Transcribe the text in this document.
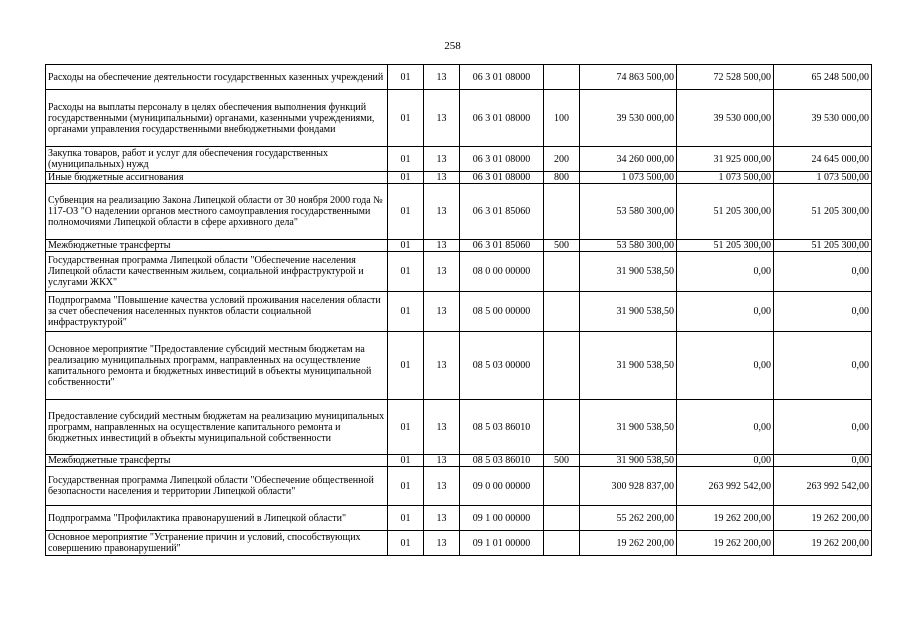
258
Расходы на обеспечение деятельности государственных казенных учреждений	01	13	06 3 01 08000		74 863 500,00	72 528 500,00	65 248 500,00
Расходы на выплаты персоналу в целях обеспечения выполнения функций государственными (муниципальными) органами, казенными учреждениями, органами управления государственными внебюджетными фондами	01	13	06 3 01 08000	100	39 530 000,00	39 530 000,00	39 530 000,00
Закупка товаров, работ и услуг для обеспечения государственных (муниципальных) нужд	01	13	06 3 01 08000	200	34 260 000,00	31 925 000,00	24 645 000,00
Иные бюджетные ассигнования	01	13	06 3 01 08000	800	1 073 500,00	1 073 500,00	1 073 500,00
Субвенция на реализацию Закона Липецкой области от 30 ноября 2000 года № 117-ОЗ "О наделении органов местного самоуправления государственными полномочиями Липецкой области в сфере архивного дела"	01	13	06 3 01 85060		53 580 300,00	51 205 300,00	51 205 300,00
Межбюджетные трансферты	01	13	06 3 01 85060	500	53 580 300,00	51 205 300,00	51 205 300,00
Государственная программа Липецкой области "Обеспечение населения Липецкой области качественным жильем, социальной инфраструктурой и услугами ЖКХ"	01	13	08 0 00 00000		31 900 538,50	0,00	0,00
Подпрограмма "Повышение качества условий проживания населения области за счет обеспечения населенных пунктов области социальной инфраструктурой"	01	13	08 5 00 00000		31 900 538,50	0,00	0,00
Основное мероприятие "Предоставление субсидий местным бюджетам на реализацию муниципальных программ, направленных на осуществление капитального ремонта и бюджетных инвестиций в объекты муниципальной собственности"	01	13	08 5 03 00000		31 900 538,50	0,00	0,00
Предоставление субсидий местным бюджетам на реализацию муниципальных программ, направленных на осуществление капитального ремонта и бюджетных инвестиций в объекты муниципальной собственности	01	13	08 5 03 86010		31 900 538,50	0,00	0,00
Межбюджетные трансферты	01	13	08 5 03 86010	500	31 900 538,50	0,00	0,00
Государственная программа Липецкой области "Обеспечение общественной безопасности населения и территории Липецкой области"	01	13	09 0 00 00000		300 928 837,00	263 992 542,00	263 992 542,00
Подпрограмма "Профилактика правонарушений в Липецкой области"	01	13	09 1 00 00000		55 262 200,00	19 262 200,00	19 262 200,00
Основное мероприятие "Устранение причин и условий, способствующих совершению правонарушений"	01	13	09 1 01 00000		19 262 200,00	19 262 200,00	19 262 200,00
